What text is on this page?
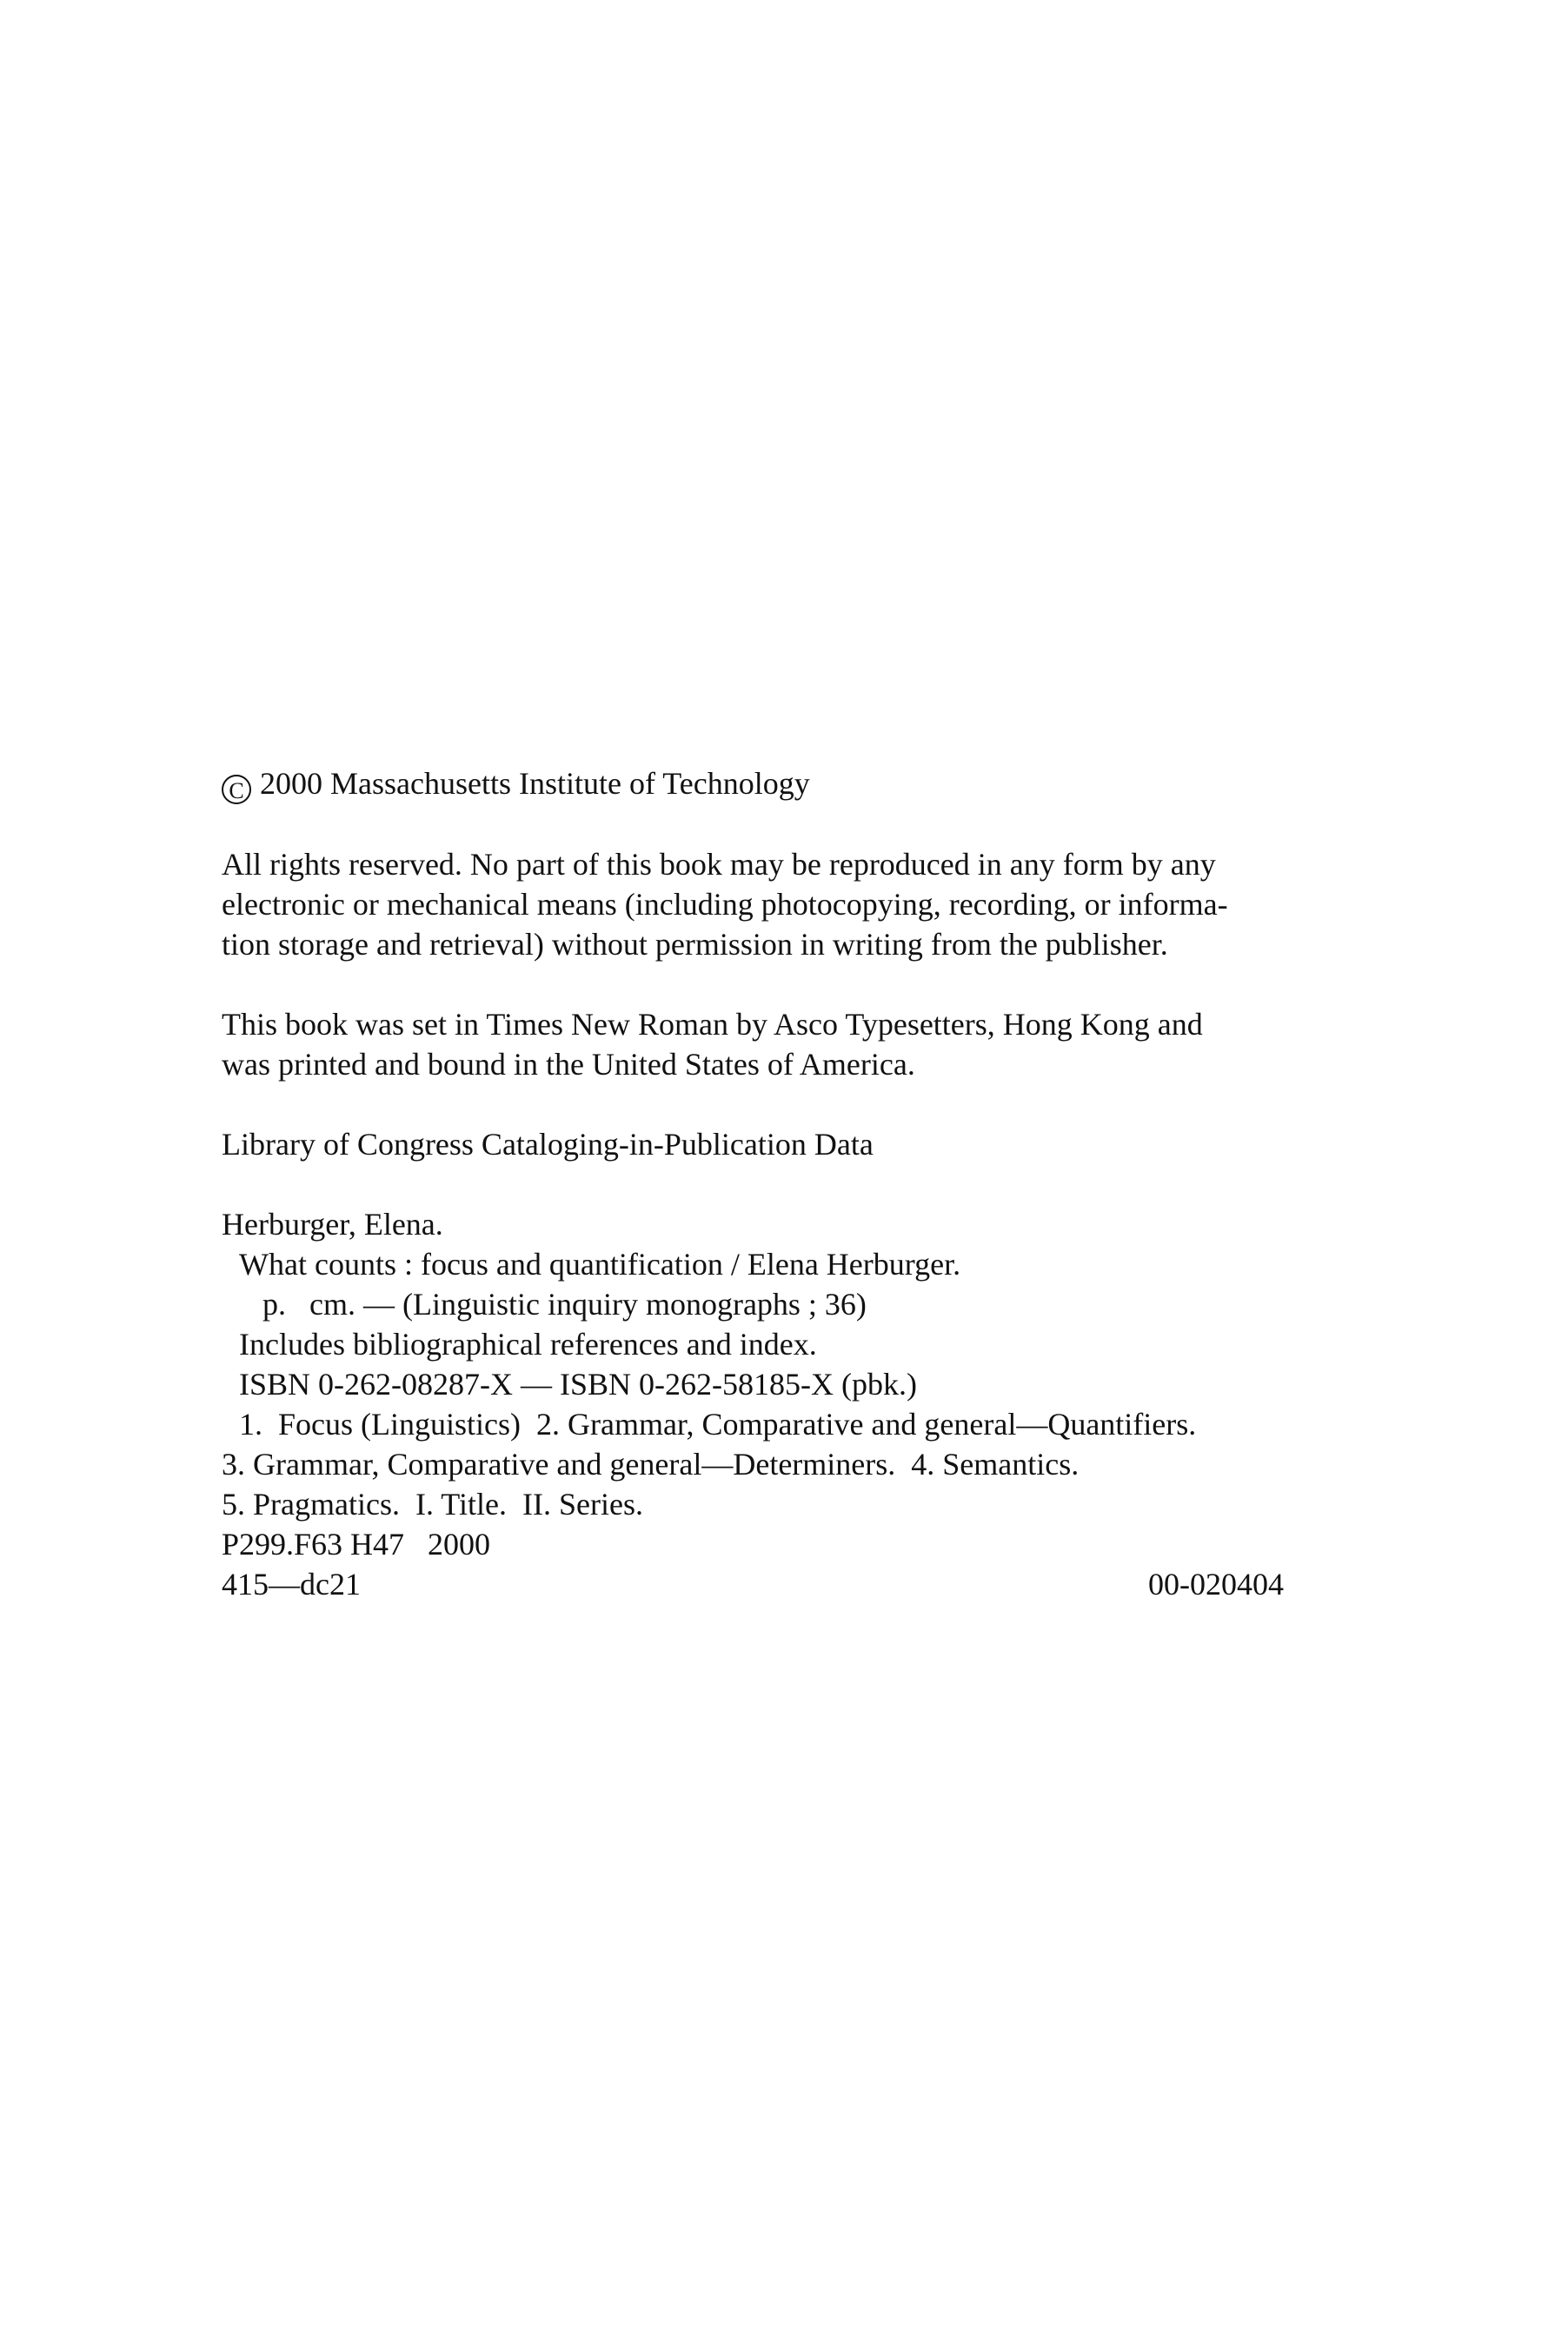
C 2000 Massachusetts Institute of Technology
All rights reserved. No part of this book may be reproduced in any form by any
electronic or mechanical means (including photocopying, recording, or informa-
tion storage and retrieval) without permission in writing from the publisher.
This book was set in Times New Roman by Asco Typesetters, Hong Kong and
was printed and bound in the United States of America.
Library of Congress Cataloging-in-Publication Data
Herburger, Elena.
What counts : focus and quantification / Elena Herburger.
p.   cm. — (Linguistic inquiry monographs ; 36)
Includes bibliographical references and index.
ISBN 0-262-08287-X — ISBN 0-262-58185-X (pbk.)
1.  Focus (Linguistics)  2. Grammar, Comparative and general—Quantifiers.
3. Grammar, Comparative and general—Determiners.  4. Semantics.
5. Pragmatics.  I. Title.  II. Series.
P299.F63 H47   2000
415—dc21	00-020404
